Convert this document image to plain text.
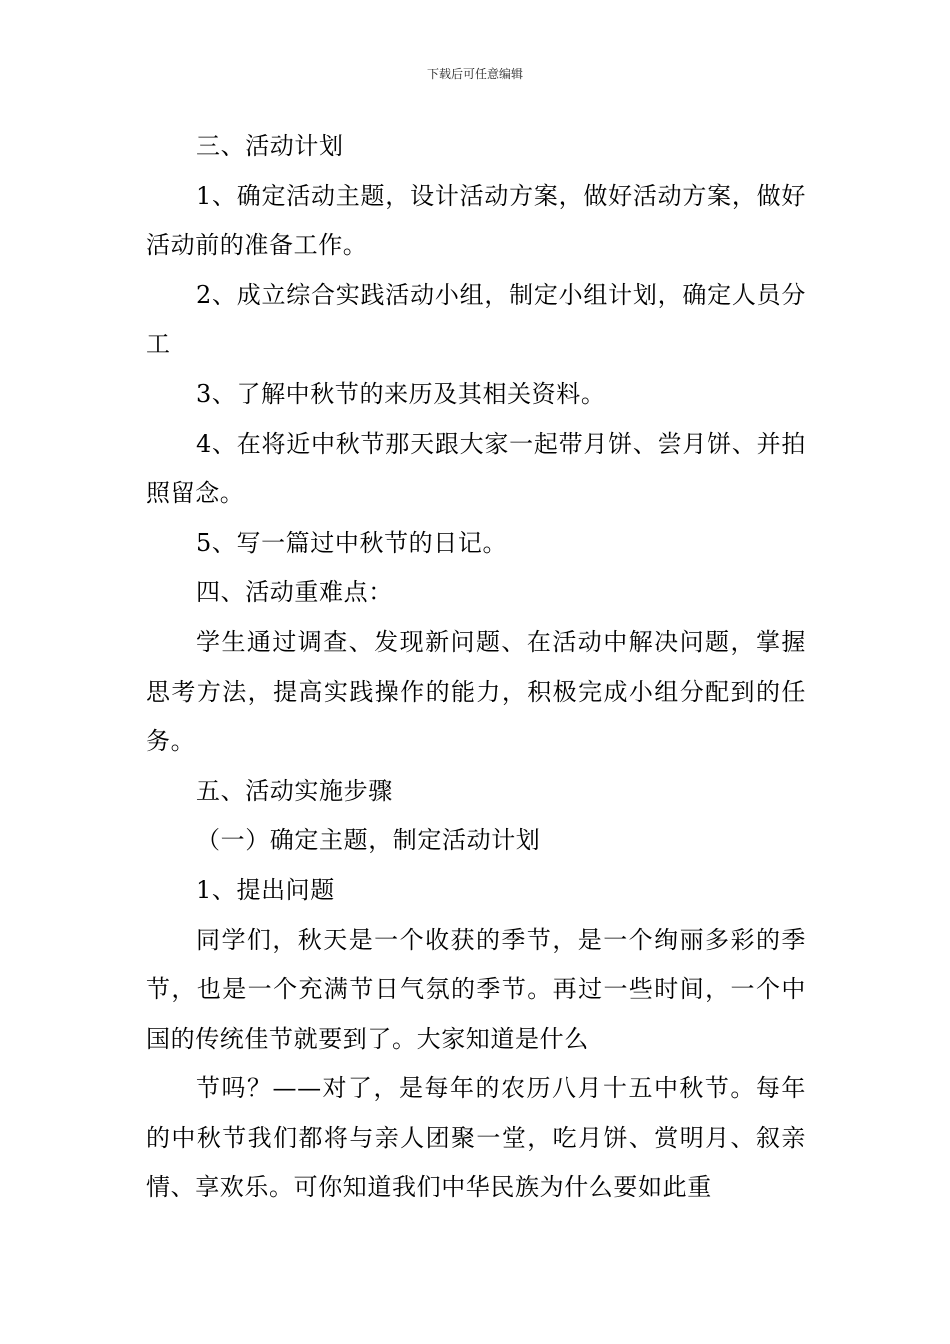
下载后可任意编辑

三、活动计划

1、确定活动主题，设计活动方案，做好活动方案，做好活动前的准备工作。

2、成立综合实践活动小组，制定小组计划，确定人员分工

3、了解中秋节的来历及其相关资料。

4、在将近中秋节那天跟大家一起带月饼、尝月饼、并拍照留念。

5、写一篇过中秋节的日记。

四、活动重难点：

学生通过调查、发现新问题、在活动中解决问题，掌握思考方法，提高实践操作的能力，积极完成小组分配到的任务。

五、活动实施步骤

（一）确定主题，制定活动计划

1、提出问题

同学们，秋天是一个收获的季节，是一个绚丽多彩的季节，也是一个充满节日气氛的季节。再过一些时间，一个中国的传统佳节就要到了。大家知道是什么

节吗？——对了，是每年的农历八月十五中秋节。每年的中秋节我们都将与亲人团聚一堂，吃月饼、赏明月、叙亲情、享欢乐。可你知道我们中华民族为什么要如此重
